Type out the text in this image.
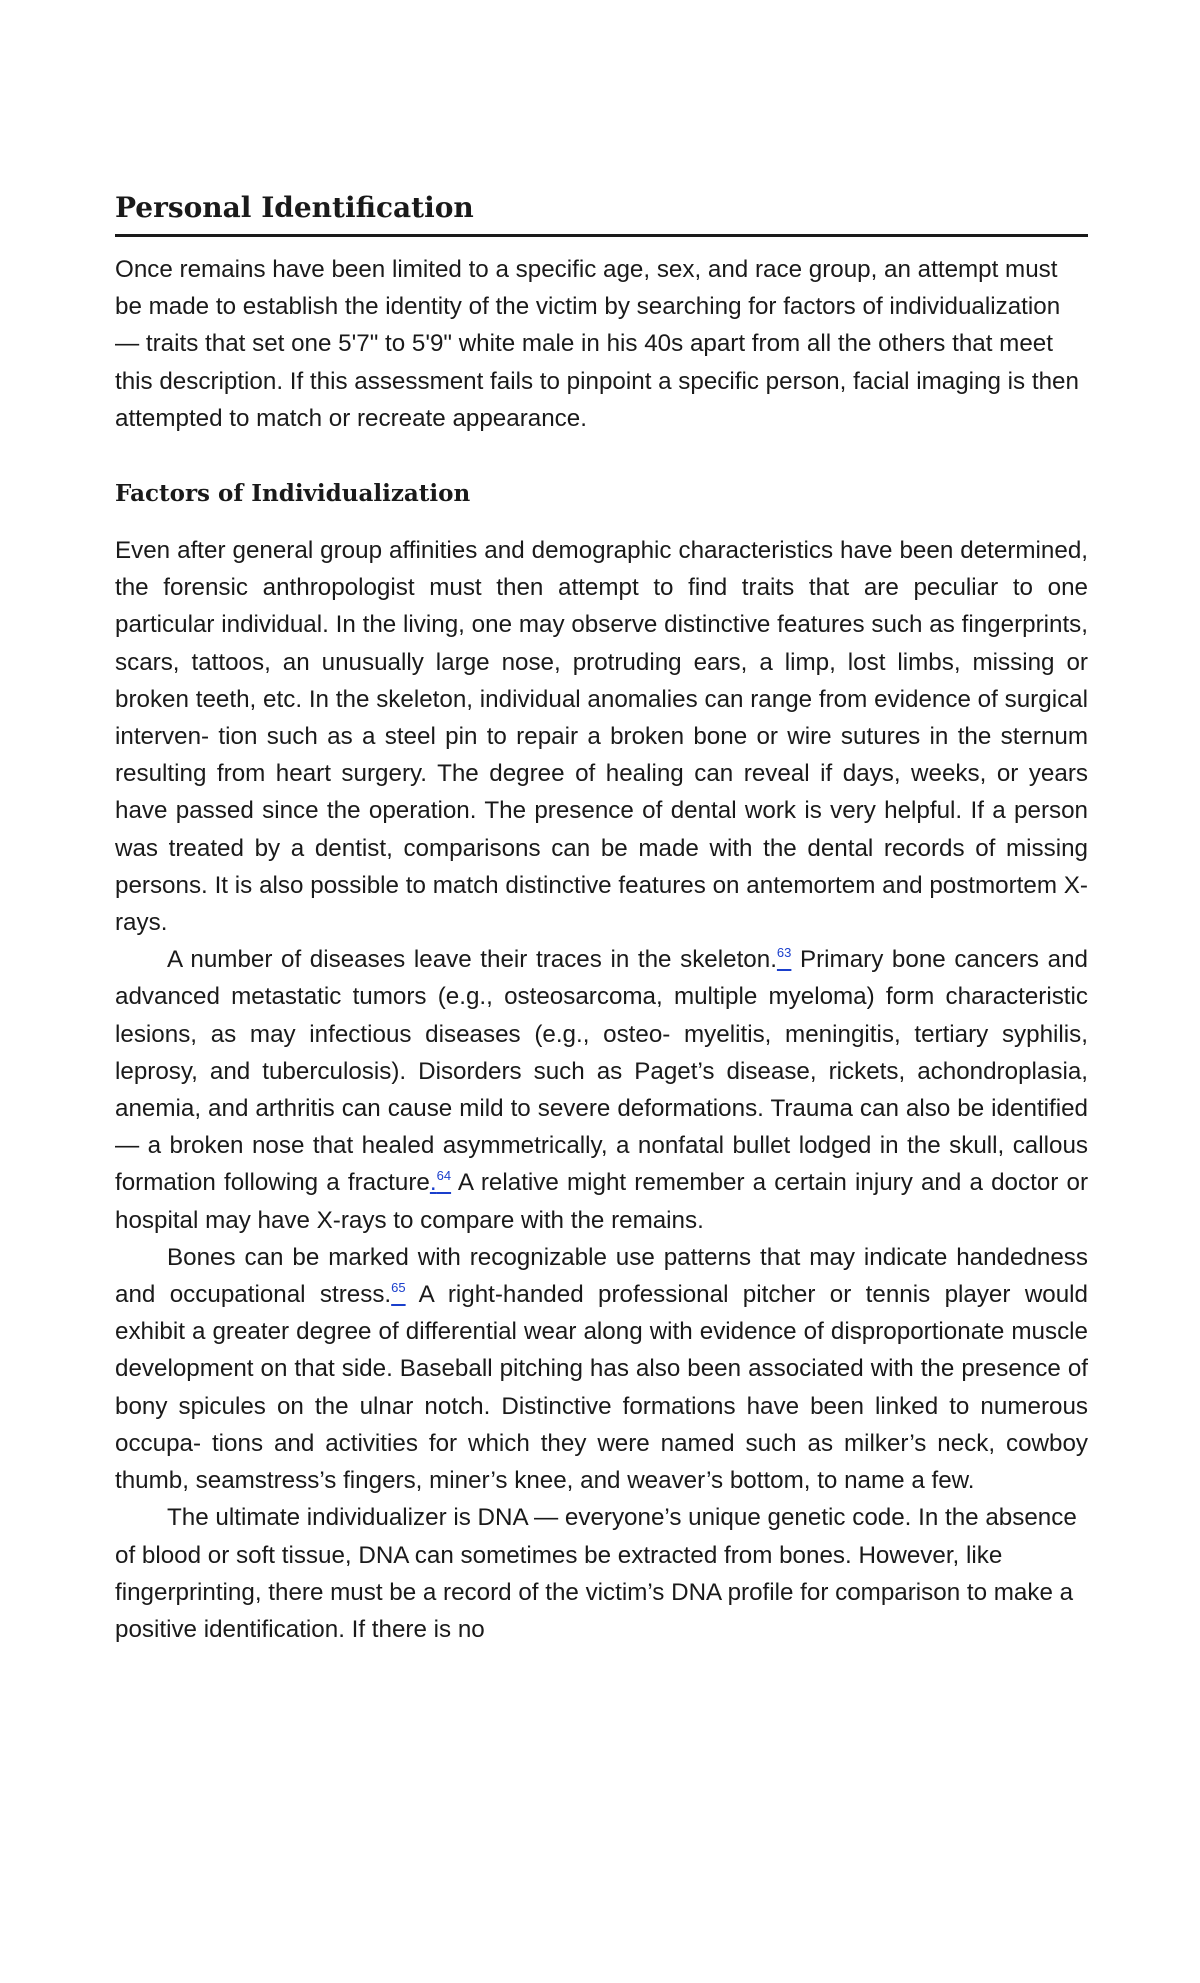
Personal Identification

Once remains have been limited to a specific age, sex, and race group, an attempt must be made to establish the identity of the victim by searching for factors of individualization — traits that set one 5'7" to 5'9" white male in his 40s apart from all the others that meet this description. If this assessment fails to pinpoint a specific person, facial imaging is then attempted to match or recreate appearance.

Factors of Individualization

Even after general group affinities and demographic characteristics have been determined, the forensic anthropologist must then attempt to find traits that are peculiar to one particular individual. In the living, one may observe distinctive features such as fingerprints, scars, tattoos, an unusually large nose, protruding ears, a limp, lost limbs, missing or broken teeth, etc. In the skeleton, individual anomalies can range from evidence of surgical interven- tion such as a steel pin to repair a broken bone or wire sutures in the sternum resulting from heart surgery. The degree of healing can reveal if days, weeks, or years have passed since the operation. The presence of dental work is very helpful. If a person was treated by a dentist, comparisons can be made with the dental records of missing persons. It is also possible to match distinctive features on antemortem and postmortem X-rays.

A number of diseases leave their traces in the skeleton.$^{63}$ Primary bone cancers and advanced metastatic tumors (e.g., osteosarcoma, multiple myeloma) form characteristic lesions, as may infectious diseases (e.g., osteo- myelitis, meningitis, tertiary syphilis, leprosy, and tuberculosis). Disorders such as Paget’s disease, rickets, achondroplasia, anemia, and arthritis can cause mild to severe deformations. Trauma can also be identified — a broken nose that healed asymmetrically, a nonfatal bullet lodged in the skull, callous formation following a fracture.$^{64}$ A relative might remember a certain injury and a doctor or hospital may have X-rays to compare with the remains.

Bones can be marked with recognizable use patterns that may indicate handedness and occupational stress.$^{65}$ A right-handed professional pitcher or tennis player would exhibit a greater degree of differential wear along with evidence of disproportionate muscle development on that side. Baseball pitching has also been associated with the presence of bony spicules on the ulnar notch. Distinctive formations have been linked to numerous occupa- tions and activities for which they were named such as milker’s neck, cowboy thumb, seamstress’s fingers, miner’s knee, and weaver’s bottom, to name a few.

The ultimate individualizer is DNA — everyone’s unique genetic code. In the absence of blood or soft tissue, DNA can sometimes be extracted from bones. However, like fingerprinting, there must be a record of the victim’s DNA profile for comparison to make a positive identification. If there is no
